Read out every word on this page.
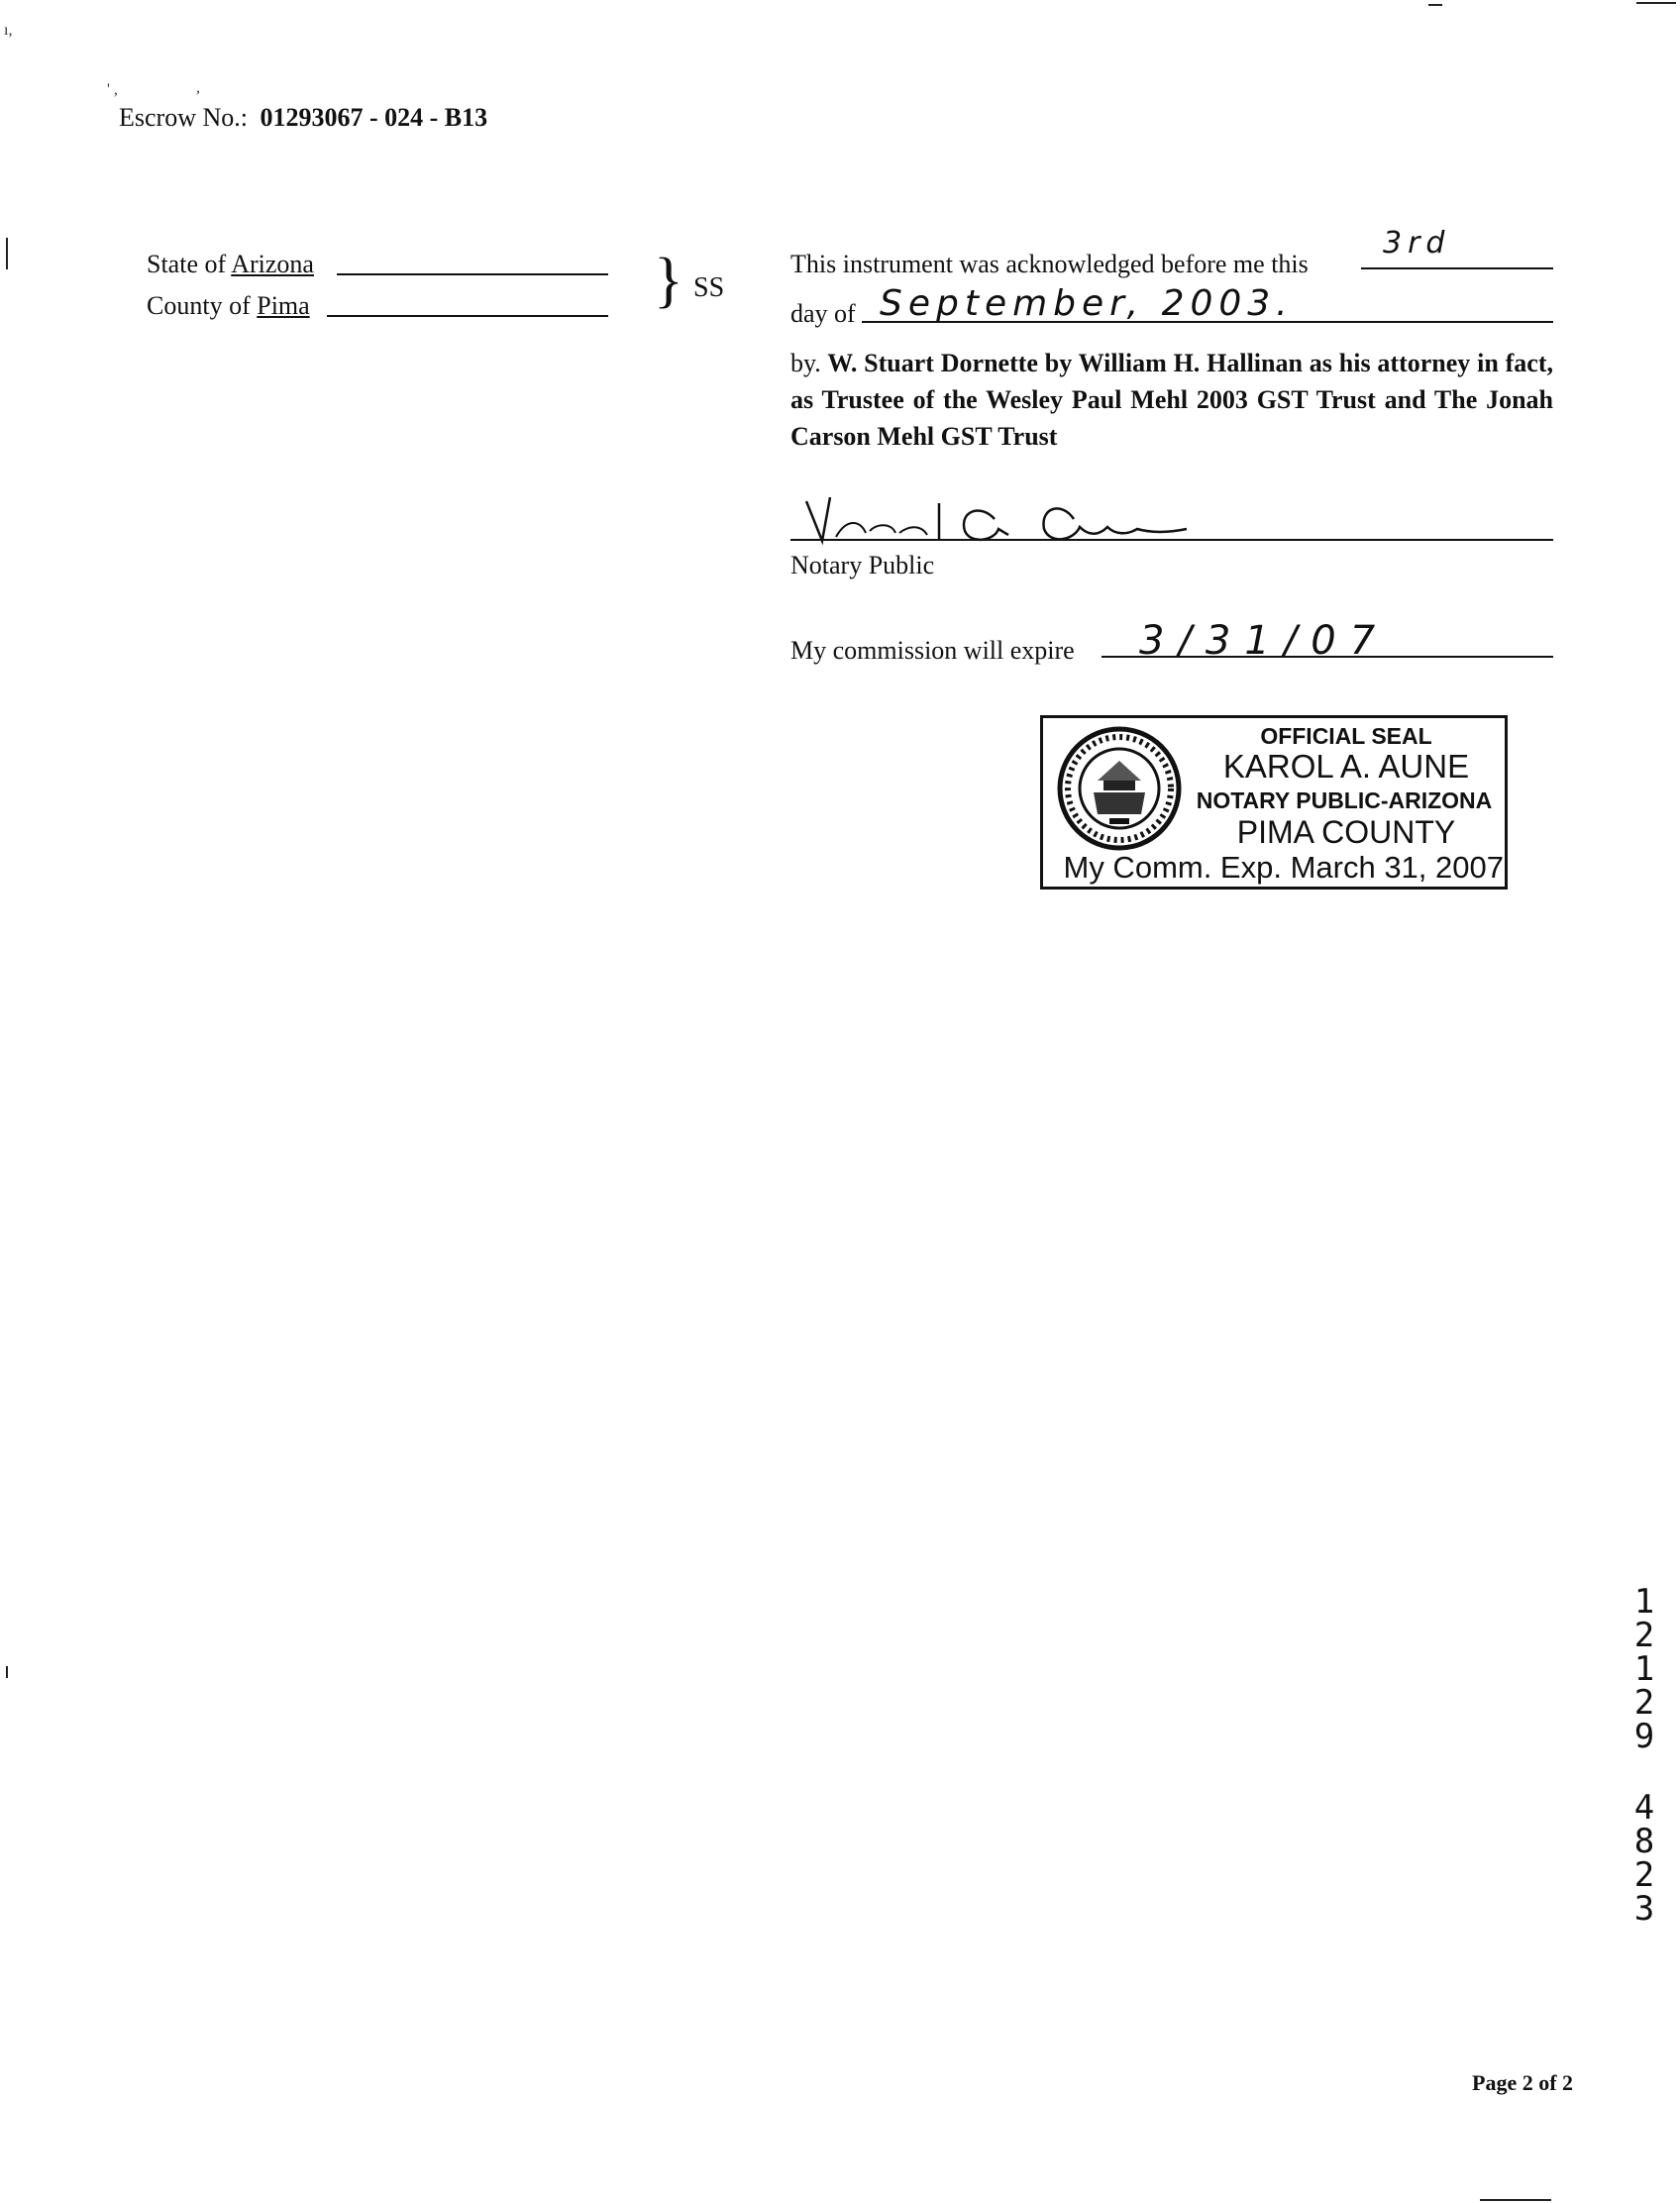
ı,
' ,	,
Escrow No.: 01293067 - 024 - B13
State of Arizona
County of Pima	} SS
This instrument was acknowledged before me this
3rd
day of September, 2003.
by. W. Stuart Dornette by William H. Hallinan as his attorney in fact, as Trustee of the Wesley Paul Mehl 2003 GST Trust and The Jonah Carson Mehl GST Trust
Notary Public
My commission will expire 3/31/07
OFFICIAL SEAL
KAROL A. AUNE
NOTARY PUBLIC-ARIZONA
PIMA COUNTY
My Comm. Exp. March 31, 2007
1
2
1
2
9
4
8
2
3
Page 2 of 2
